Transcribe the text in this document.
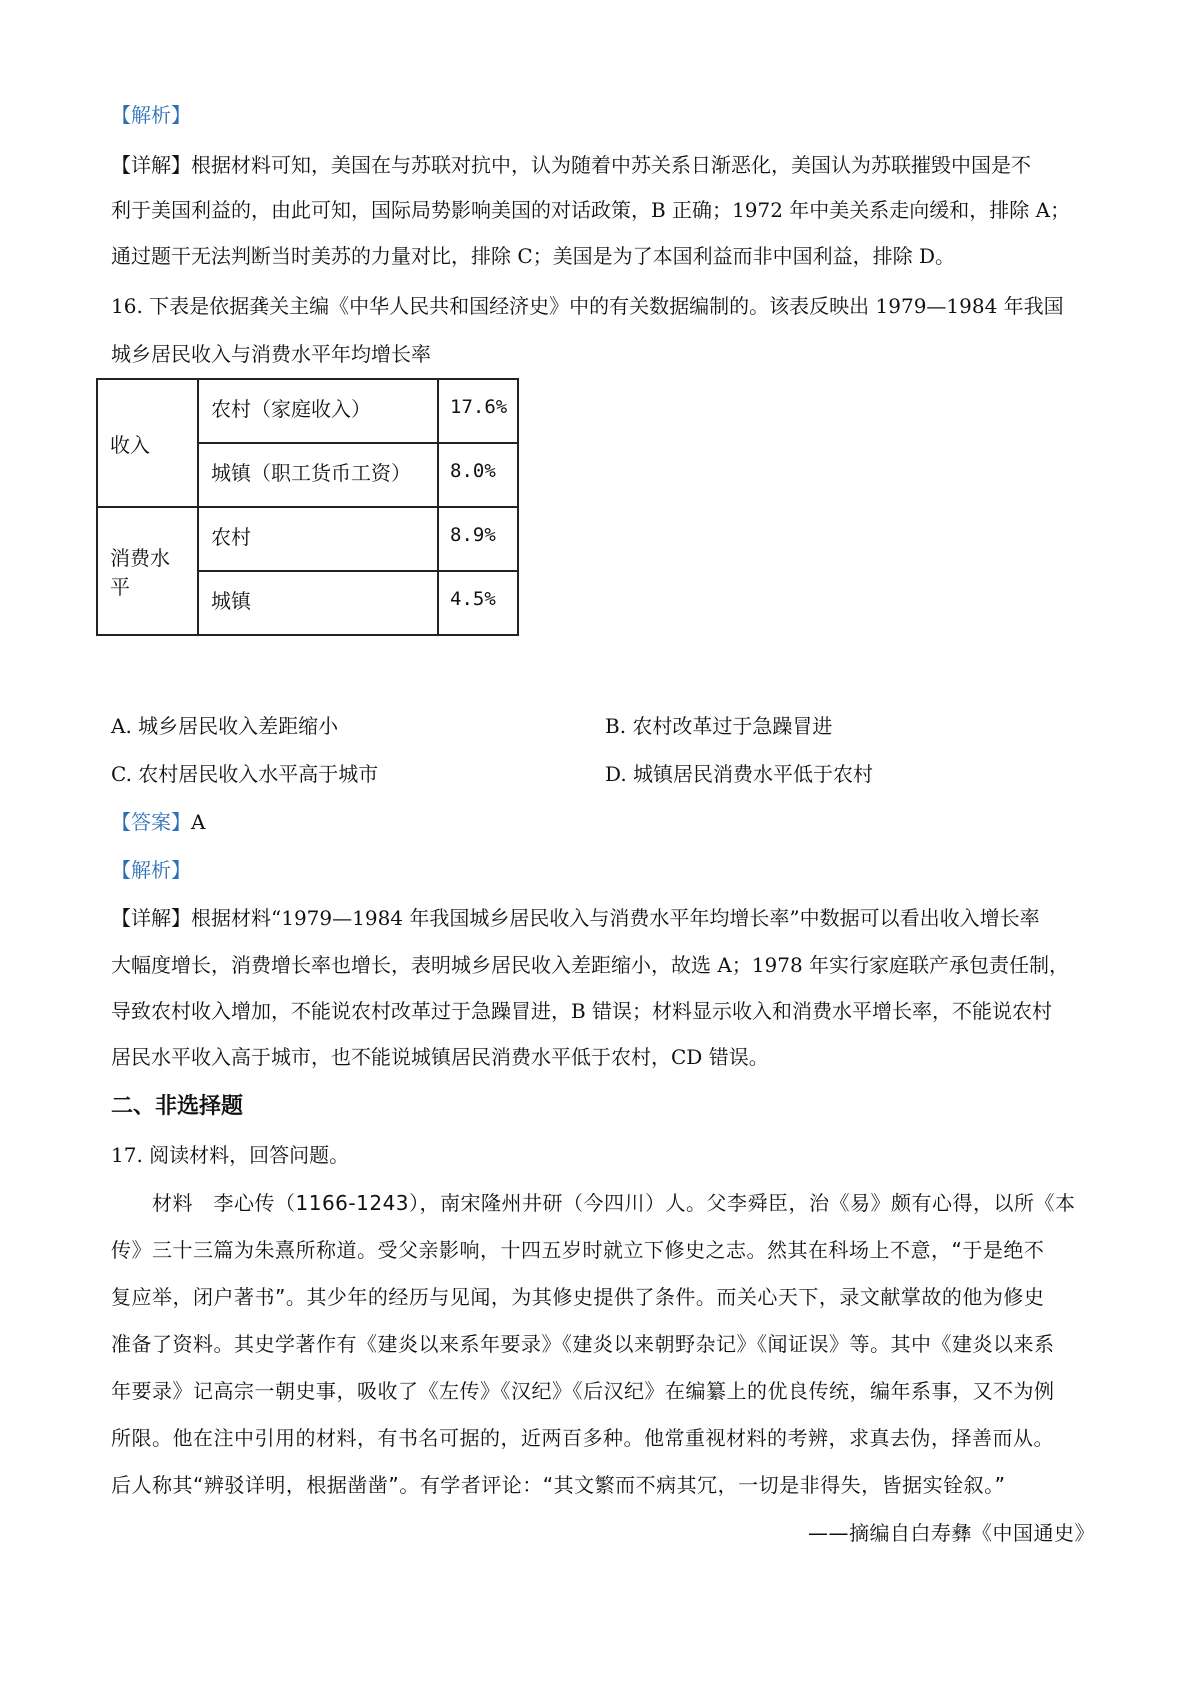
【解析】
【详解】根据材料可知，美国在与苏联对抗中，认为随着中苏关系日渐恶化，美国认为苏联摧毁中国是不
利于美国利益的，由此可知，国际局势影响美国的对话政策，B 正确；1972 年中美关系走向缓和，排除 A；
通过题干无法判断当时美苏的力量对比，排除 C；美国是为了本国利益而非中国利益，排除 D。
16. 下表是依据龚关主编《中华人民共和国经济史》中的有关数据编制的。该表反映出 1979—1984 年我国
城乡居民收入与消费水平年均增长率
收入	农村（家庭收入）	17.6%
	城镇（职工货币工资）	8.0%
消费水平	农村	8.9%
	城镇	4.5%
A. 城乡居民收入差距缩小	B. 农村改革过于急躁冒进
C. 农村居民收入水平高于城市	D. 城镇居民消费水平低于农村
【答案】A
【解析】
【详解】根据材料“1979—1984 年我国城乡居民收入与消费水平年均增长率”中数据可以看出收入增长率
大幅度增长，消费增长率也增长，表明城乡居民收入差距缩小，故选 A；1978 年实行家庭联产承包责任制，
导致农村收入增加，不能说农村改革过于急躁冒进，B 错误；材料显示收入和消费水平增长率，不能说农村
居民水平收入高于城市，也不能说城镇居民消费水平低于农村，CD 错误。
二、非选择题
17. 阅读材料，回答问题。
　　材料　李心传（1166-1243），南宋隆州井研（今四川）人。父李舜臣，治《易》颇有心得，以所《本
传》三十三篇为朱熹所称道。受父亲影响，十四五岁时就立下修史之志。然其在科场上不意，“于是绝不
复应举，闭户著书”。其少年的经历与见闻，为其修史提供了条件。而关心天下，录文献掌故的他为修史
准备了资料。其史学著作有《建炎以来系年要录》《建炎以来朝野杂记》《闻证误》等。其中《建炎以来系
年要录》记高宗一朝史事，吸收了《左传》《汉纪》《后汉纪》在编纂上的优良传统，编年系事，又不为例
所限。他在注中引用的材料，有书名可据的，近两百多种。他常重视材料的考辨，求真去伪，择善而从。
后人称其“辨驳详明，根据凿凿”。有学者评论：“其文繁而不病其冗，一切是非得失，皆据实铨叙。”
——摘编自白寿彝《中国通史》
